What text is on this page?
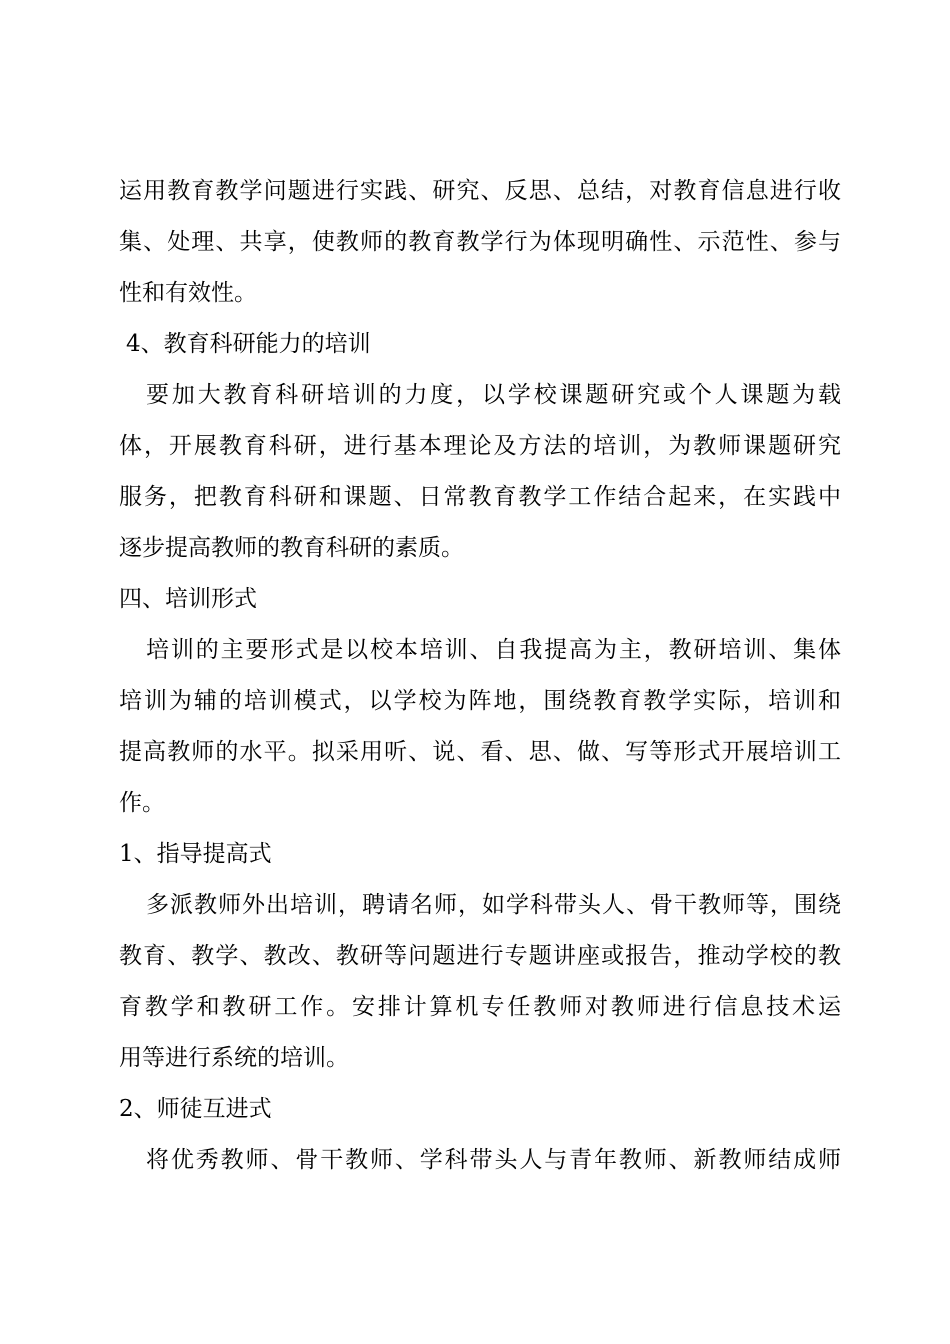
运用教育教学问题进行实践、研究、反思、总结，对教育信息进行收
集、处理、共享，使教师的教育教学行为体现明确性、示范性、参与
性和有效性。
4、教育科研能力的培训
要加大教育科研培训的力度，以学校课题研究或个人课题为载
体，开展教育科研，进行基本理论及方法的培训，为教师课题研究
服务，把教育科研和课题、日常教育教学工作结合起来，在实践中
逐步提高教师的教育科研的素质。
四、培训形式
培训的主要形式是以校本培训、自我提高为主，教研培训、集体
培训为辅的培训模式，以学校为阵地，围绕教育教学实际，培训和
提高教师的水平。拟采用听、说、看、思、做、写等形式开展培训工
作。
1、指导提高式
多派教师外出培训，聘请名师，如学科带头人、骨干教师等，围绕
教育、教学、教改、教研等问题进行专题讲座或报告，推动学校的教
育教学和教研工作。安排计算机专任教师对教师进行信息技术运
用等进行系统的培训。
2、师徒互进式
将优秀教师、骨干教师、学科带头人与青年教师、新教师结成师
